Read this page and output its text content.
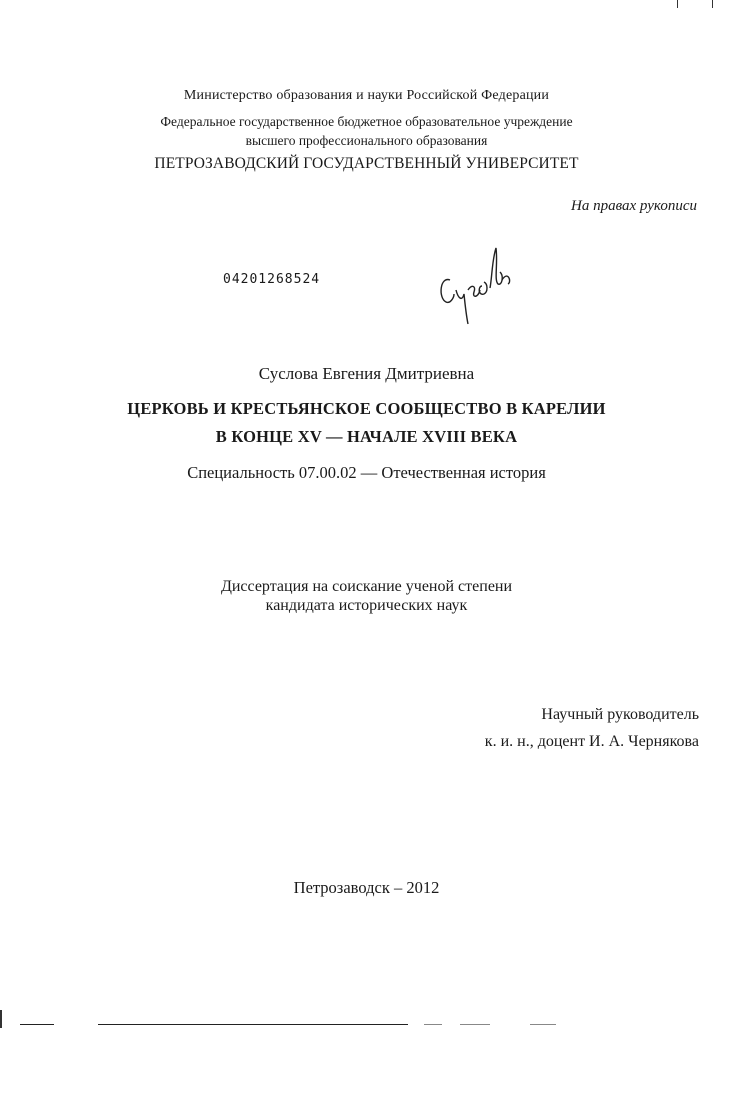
Министерство образования и науки Российской Федерации
Федеральное государственное бюджетное образовательное учреждение
высшего профессионального образования
ПЕТРОЗАВОДСКИЙ ГОСУДАРСТВЕННЫЙ УНИВЕРСИТЕТ
На правах рукописи
04201268524
Суслова Евгения Дмитриевна
ЦЕРКОВЬ И КРЕСТЬЯНСКОЕ СООБЩЕСТВО В КАРЕЛИИ
В КОНЦЕ XV — НАЧАЛЕ XVIII ВЕКА
Специальность 07.00.02 — Отечественная история
Диссертация на соискание ученой степени
кандидата исторических наук
Научный руководитель
к. и. н., доцент И. А. Чернякова
Петрозаводск – 2012
